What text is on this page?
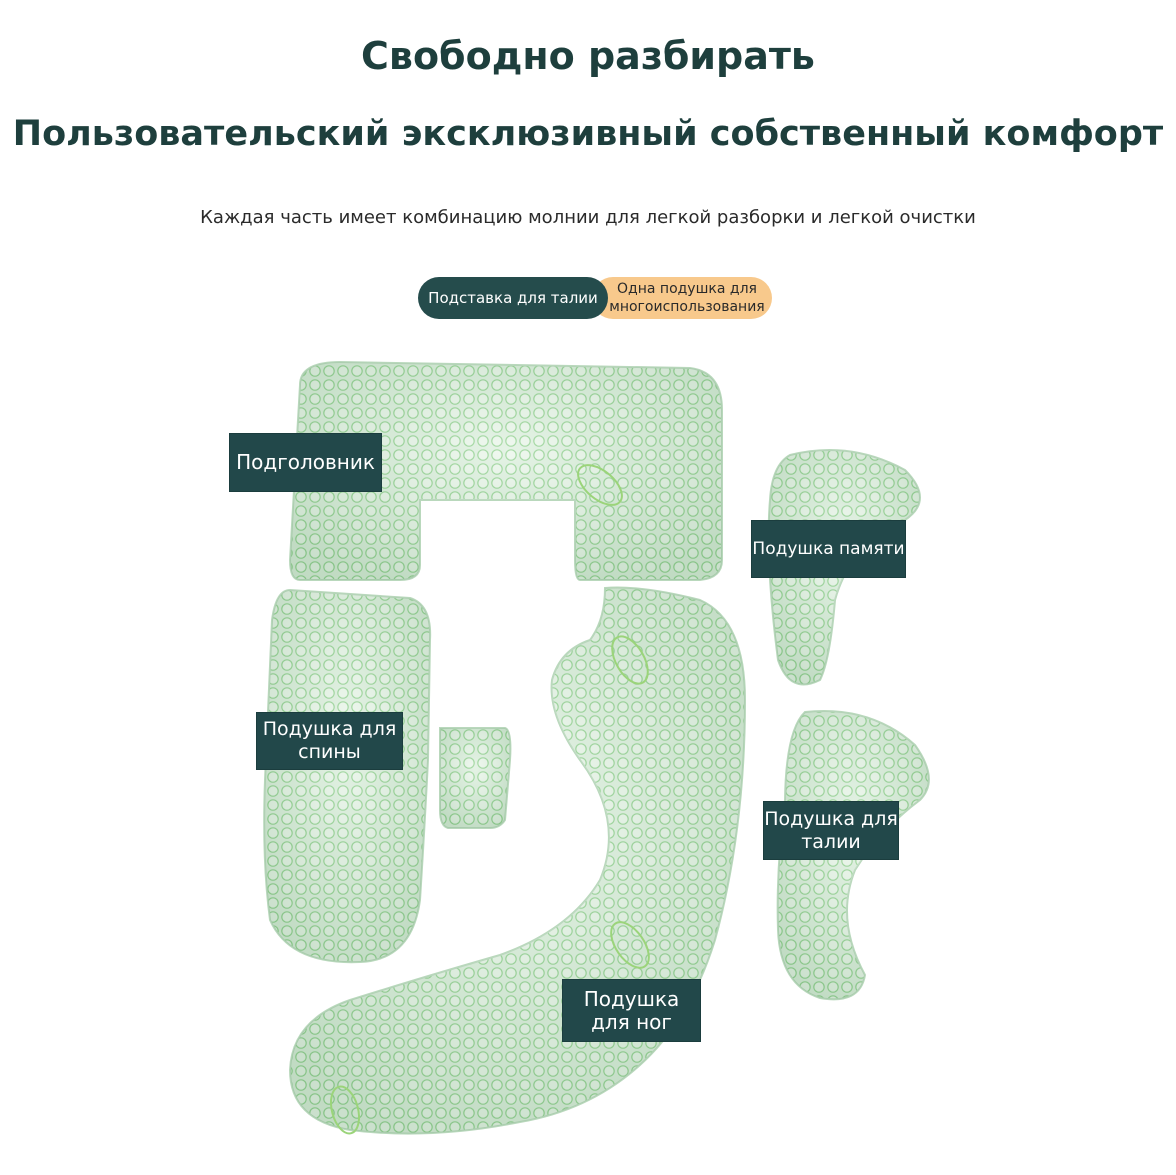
Свободно разбирать
Пользовательский эксклюзивный собственный комфорт
Каждая часть имеет комбинацию молнии для легкой разборки и легкой очистки
Подставка для талии	Одна подушка для многоиспользования
Подголовник
Подушка памяти
Подушка для спины
Подушка для талии
Подушка для ног
